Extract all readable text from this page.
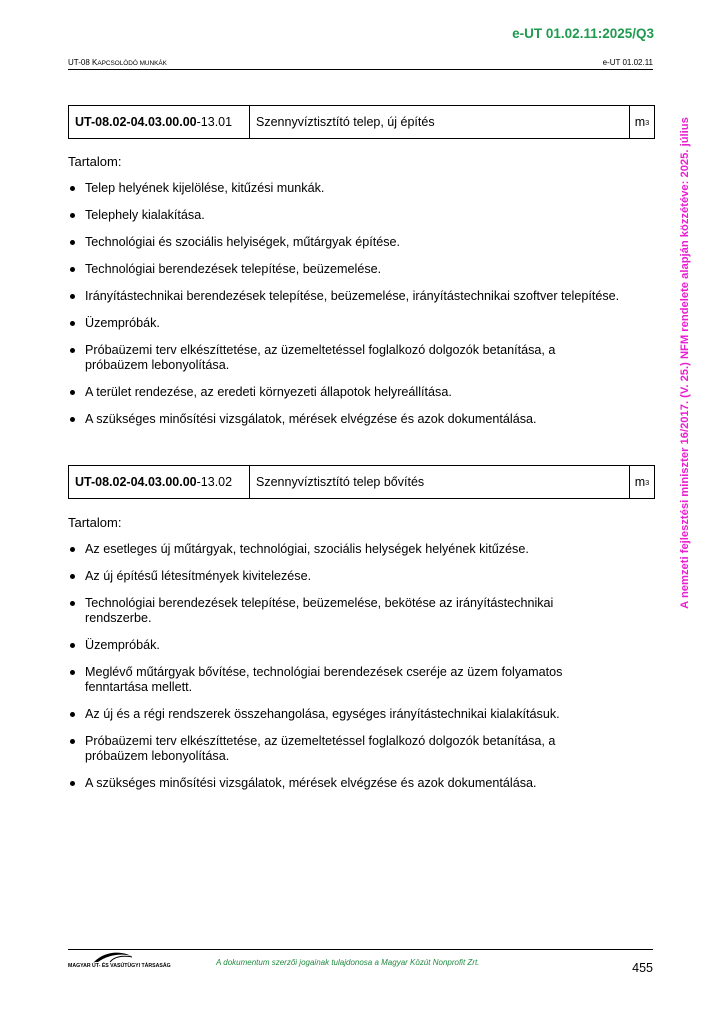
e-UT 01.02.11:2025/Q3
UT-08 KAPCSOLÓDÓ MUNKÁK	e-UT 01.02.11
UT-08.02-04.03.00.00 -13.01	Szennyvíztisztító telep, új építés	m 3
Tartalom:
Telep helyének kijelölése, kitűzési munkák.
Telephely kialakítása.
Technológiai és szociális helyiségek, műtárgyak építése.
Technológiai berendezések telepítése, beüzemelése.
Irányítástechnikai berendezések telepítése, beüzemelése, irányítástechnikai szoftver telepítése.
Üzempróbák.
Próbaüzemi terv elkészíttetése, az üzemeltetéssel foglalkozó dolgozók betanítása, a próbaüzem lebonyolítása.
A terület rendezése, az eredeti környezeti állapotok helyreállítása.
A szükséges minősítési vizsgálatok, mérések elvégzése és azok dokumentálása.
UT-08.02-04.03.00.00 -13.02	Szennyvíztisztító telep bővítés	m 3
Tartalom:
Az esetleges új műtárgyak, technológiai, szociális helységek helyének kitűzése.
Az új építésű létesítmények kivitelezése.
Technológiai berendezések telepítése, beüzemelése, bekötése az irányítástechnikai rendszerbe.
Üzempróbák.
Meglévő műtárgyak bővítése, technológiai berendezések cseréje az üzem folyamatos fenntartása mellett.
Az új és a régi rendszerek összehangolása, egységes irányítástechnikai kialakításuk.
Próbaüzemi terv elkészíttetése, az üzemeltetéssel foglalkozó dolgozók betanítása, a próbaüzem lebonyolítása.
A szükséges minősítési vizsgálatok, mérések elvégzése és azok dokumentálása.
A nemzeti fejlesztési miniszter 16/2017. (V. 25.) NFM rendelete alapján közzétéve: 2025. július
MAGYAR ÚT- ÉS VASÚTÜGYI TÁRSASÁG	A dokumentum szerzői jogainak tulajdonosa a Magyar Közút Nonprofit Zrt.	455
